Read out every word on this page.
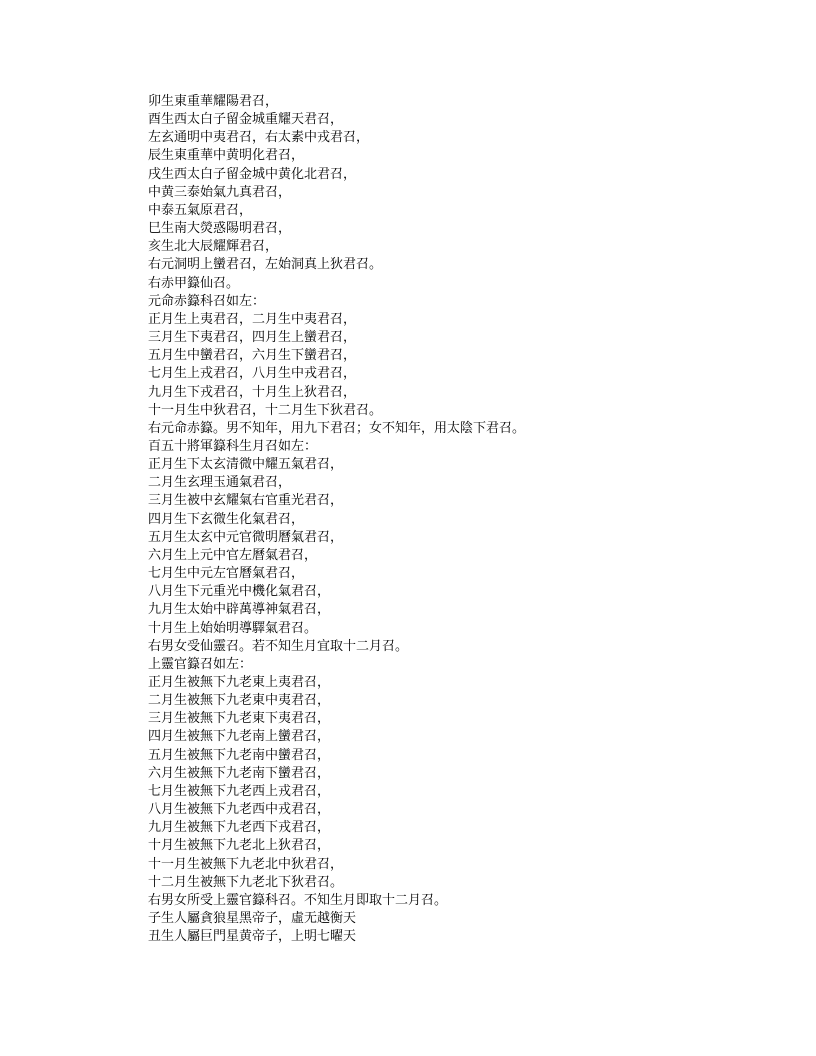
卯生東重華耀陽君召，
酉生西太白子留金城重耀天君召，
左玄通明中夷君召，右太素中戎君召，
辰生東重華中黄明化君召，
戌生西太白子留金城中黄化北君召，
中黄三泰始氣九真君召，
中泰五氣原君召，
巳生南大熒惑陽明君召，
亥生北大辰耀輝君召，
右元洞明上蠻君召，左始洞真上狄君召。
右赤甲籙仙召。
元命赤籙科召如左：
正月生上夷君召，二月生中夷君召，
三月生下夷君召，四月生上蠻君召，
五月生中蠻君召，六月生下蠻君召，
七月生上戎君召，八月生中戎君召，
九月生下戎君召，十月生上狄君召，
十一月生中狄君召，十二月生下狄君召。
右元命赤籙。男不知年，用九下君召；女不知年，用太陰下君召。
百五十將軍籙科生月召如左：
正月生下太玄清微中耀五氣君召，
二月生玄理玉通氣君召，
三月生被中玄耀氣右官重光君召，
四月生下玄微生化氣君召，
五月生太玄中元官微明曆氣君召，
六月生上元中官左曆氣君召，
七月生中元左官曆氣君召，
八月生下元重光中機化氣君召，
九月生太始中辟萬導神氣君召，
十月生上始始明導驛氣君召。
右男女受仙靈召。若不知生月宜取十二月召。
上靈官籙召如左：
正月生被無下九老東上夷君召，
二月生被無下九老東中夷君召，
三月生被無下九老東下夷君召，
四月生被無下九老南上蠻君召，
五月生被無下九老南中蠻君召，
六月生被無下九老南下蠻君召，
七月生被無下九老西上戎君召，
八月生被無下九老西中戎君召，
九月生被無下九老西下戎君召，
十月生被無下九老北上狄君召，
十一月生被無下九老北中狄君召，
十二月生被無下九老北下狄君召。
右男女所受上靈官籙科召。不知生月即取十二月召。
子生人屬貪狼星黑帝子，虛无越衡天
丑生人屬巨門星黄帝子，上明七曜天
